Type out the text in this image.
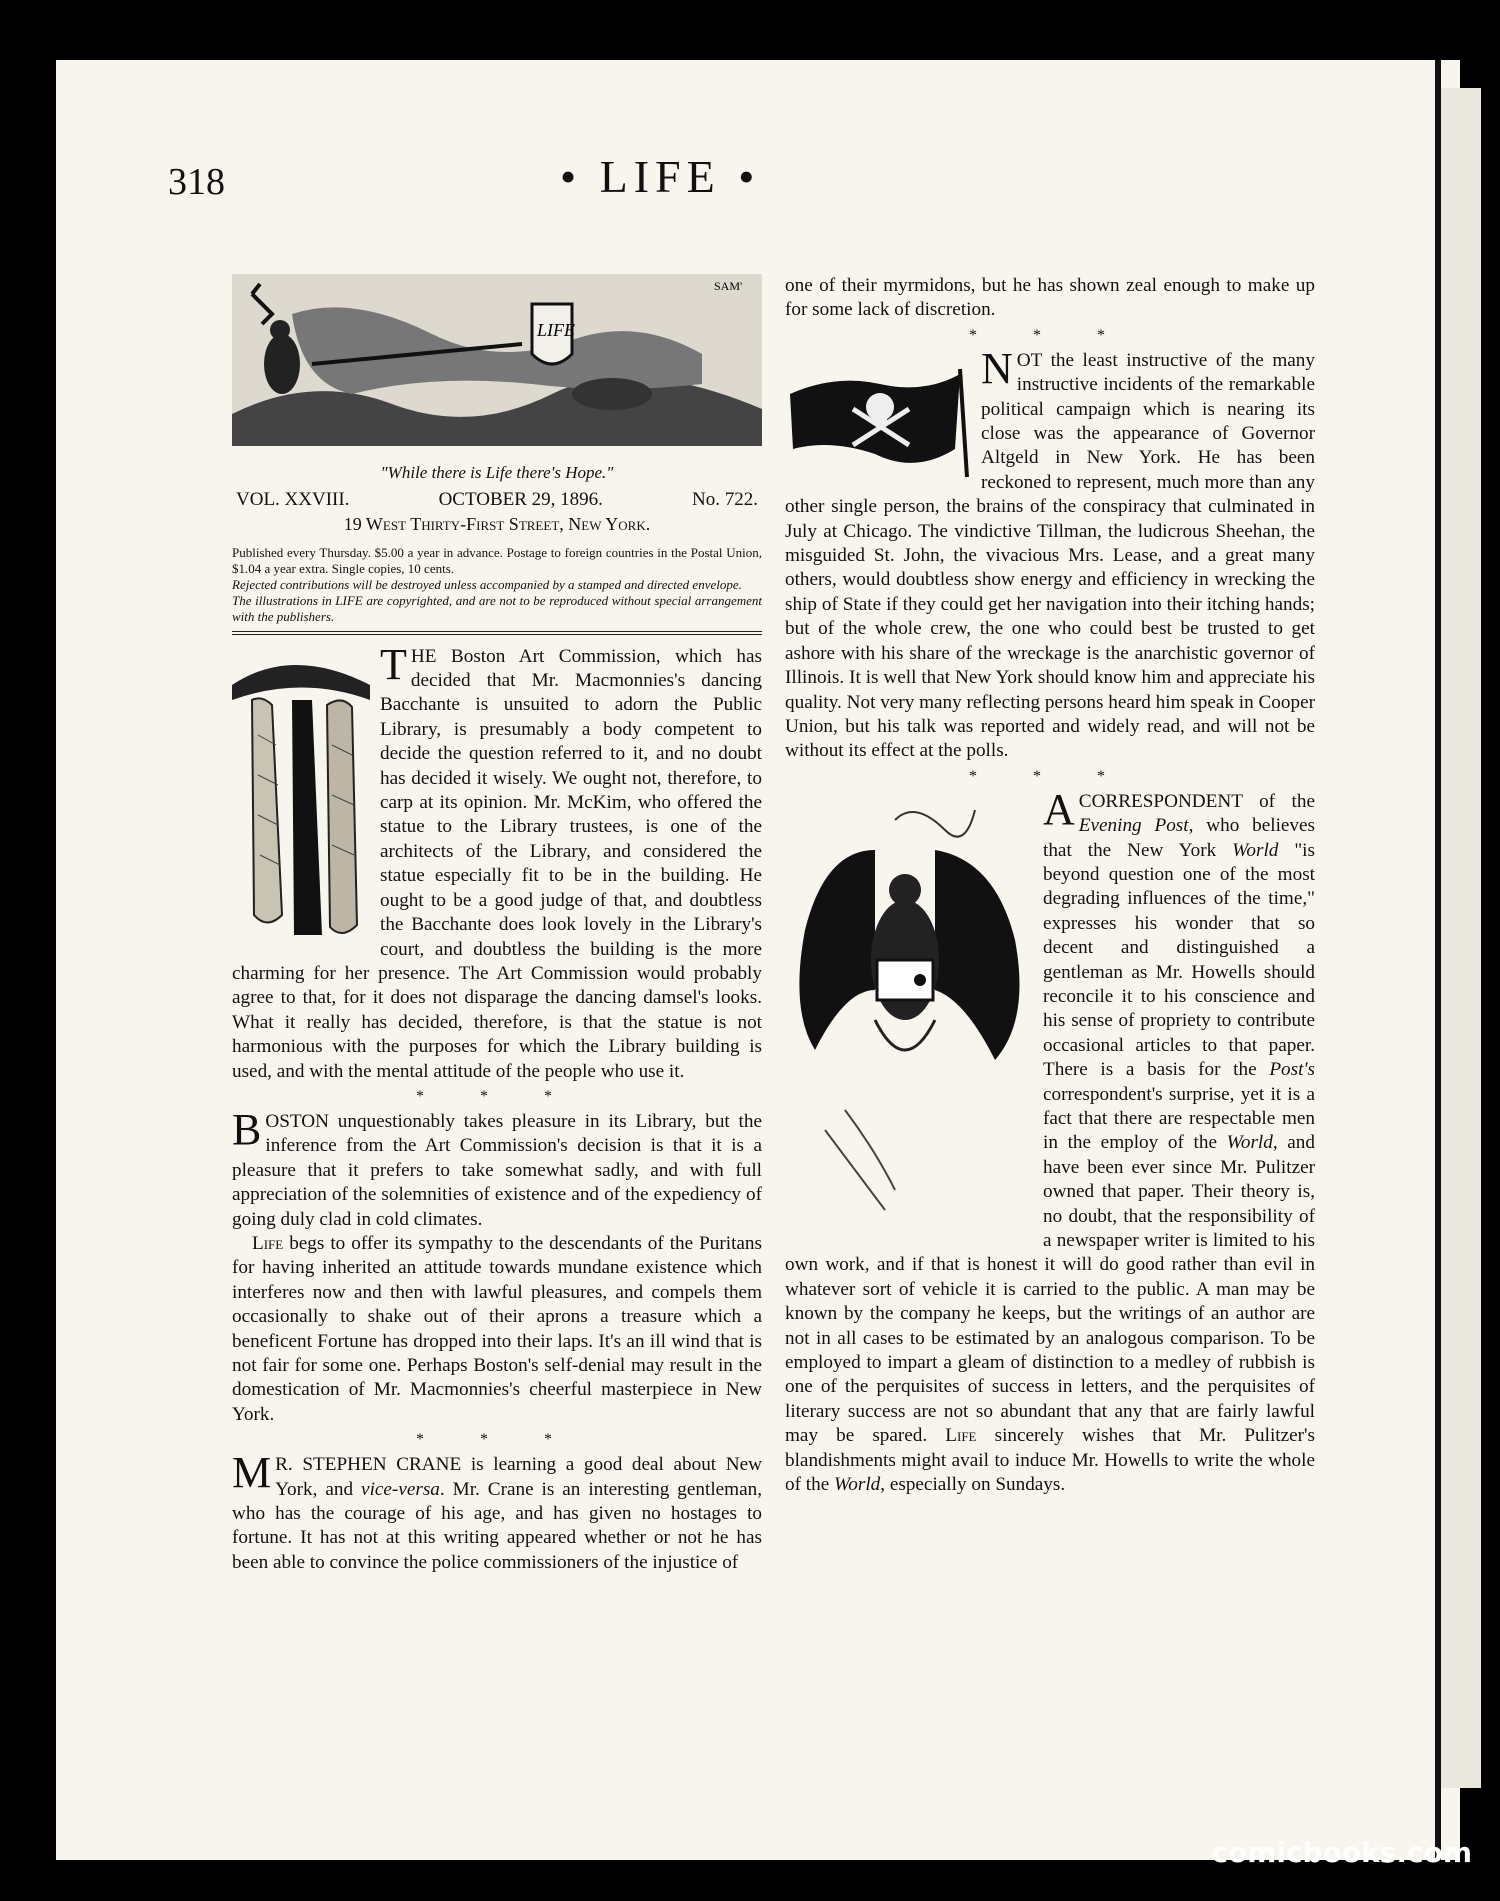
318	• LIFE •
LIFE
SAM'
"While there is Life there's Hope."
VOL. XXVIII.	OCTOBER 29, 1896.	No. 722.
19 West Thirty-First Street, New York.
Published every Thursday. $5.00 a year in advance. Postage to foreign countries in the Postal Union, $1.04 a year extra. Single copies, 10 cents.
Rejected contributions will be destroyed unless accompanied by a stamped and directed envelope.
The illustrations in LIFE are copyrighted, and are not to be reproduced without special arrangement with the publishers.

THE Boston Art Commission, which has decided that Mr. Macmonnies's dancing Bacchante is unsuited to adorn the Public Library, is presumably a body competent to decide the question referred to it, and no doubt has decided it wisely. We ought not, therefore, to carp at its opinion. Mr. McKim, who offered the statue to the Library trustees, is one of the architects of the Library, and considered the statue especially fit to be in the building. He ought to be a good judge of that, and doubtless the Bacchante does look lovely in the Library's court, and doubtless the building is the more charming for her presence. The Art Commission would probably agree to that, for it does not disparage the dancing damsel's looks. What it really has decided, therefore, is that the statue is not harmonious with the purposes for which the Library building is used, and with the mental attitude of the people who use it.

* * *

BOSTON unquestionably takes pleasure in its Library, but the inference from the Art Commission's decision is that it is a pleasure that it prefers to take somewhat sadly, and with full appreciation of the solemnities of existence and of the expediency of going duly clad in cold climates.

Life begs to offer its sympathy to the descendants of the Puritans for having inherited an attitude towards mundane existence which interferes now and then with lawful pleasures, and compels them occasionally to shake out of their aprons a treasure which a beneficent Fortune has dropped into their laps. It's an ill wind that is not fair for some one. Perhaps Boston's self-denial may result in the domestication of Mr. Macmonnies's cheerful masterpiece in New York.

* * *

M R. STEPHEN CRANE is learning a good deal about New York, and vice-versa. Mr. Crane is an interesting gentleman, who has the courage of his age, and has given no hostages to fortune. It has not at this writing appeared whether or not he has been able to convince the police commissioners of the injustice of

one of their myrmidons, but he has shown zeal enough to make up for some lack of discretion.

* * *

NOT the least instructive of the many instructive incidents of the remarkable political campaign which is nearing its close was the appearance of Governor Altgeld in New York. He has been reckoned to represent, much more than any other single person, the brains of the conspiracy that culminated in July at Chicago. The vindictive Tillman, the ludicrous Sheehan, the misguided St. John, the vivacious Mrs. Lease, and a great many others, would doubtless show energy and efficiency in wrecking the ship of State if they could get her navigation into their itching hands; but of the whole crew, the one who could best be trusted to get ashore with his share of the wreckage is the anarchistic governor of Illinois. It is well that New York should know him and appreciate his quality. Not very many reflecting persons heard him speak in Cooper Union, but his talk was reported and widely read, and will not be without its effect at the polls.

* * *

ACORRESPONDENT of the Evening Post, who believes that the New York World "is beyond question one of the most degrading influences of the time," expresses his wonder that so decent and distinguished a gentleman as Mr. Howells should reconcile it to his conscience and his sense of propriety to contribute occasional articles to that paper. There is a basis for the Post's correspondent's surprise, yet it is a fact that there are respectable men in the employ of the World, and have been ever since Mr. Pulitzer owned that paper. Their theory is, no doubt, that the responsibility of a newspaper writer is limited to his own work, and if that is honest it will do good rather than evil in whatever sort of vehicle it is carried to the public. A man may be known by the company he keeps, but the writings of an author are not in all cases to be estimated by an analogous comparison. To be employed to impart a gleam of distinction to a medley of rubbish is one of the perquisites of success in letters, and the perquisites of literary success are not so abundant that any that are fairly lawful may be spared. Life sincerely wishes that Mr. Pulitzer's blandishments might avail to induce Mr. Howells to write the whole of the World, especially on Sundays.

comicbooks.com
